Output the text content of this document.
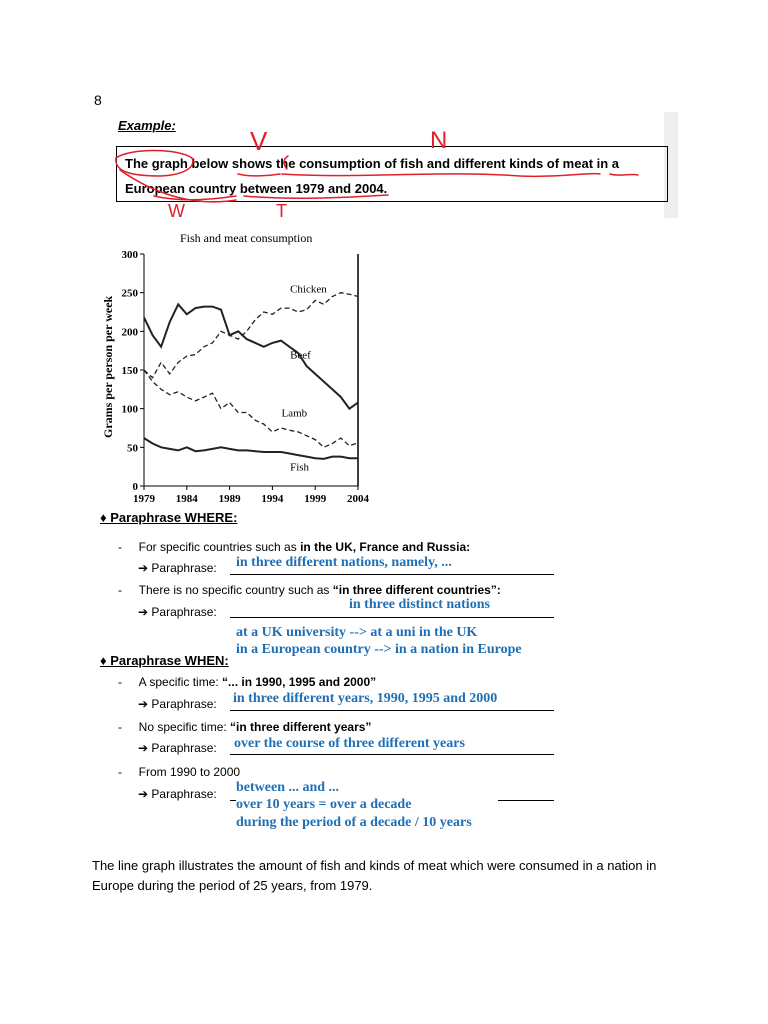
8
Example:
The graph below shows the consumption of fish and different kinds of meat in a
European country between 1979 and 2004.
V	N
W	T
Fish and meat consumption
Grams per person per week
0
50
100
150
200
250
300
1979 1984 1989 1994 1999 2004
Chicken
Beef
Lamb
Fish
♦ Paraphrase WHERE:
-     For specific countries such as in the UK, France and Russia:
➔ Paraphrase: in three different nations, namely, ...
-     There is no specific country such as “in three different countries”:
➔ Paraphrase:	in three distinct nations
at a UK university --> at a uni in the UK
in a European country --> in a nation in Europe
♦ Paraphrase WHEN:
-     A specific time: “... in 1990, 1995 and 2000”
➔ Paraphrase: in three different years, 1990, 1995 and 2000
-     No specific time: “in three different years”
➔ Paraphrase: over the course of three different years
-     From 1990 to 2000
➔ Paraphrase: between ... and ...
over 10 years = over a decade
during the period of a decade / 10 years
The line graph illustrates the amount of fish and kinds of meat which were consumed in a nation in Europe during the period of 25 years, from 1979.
